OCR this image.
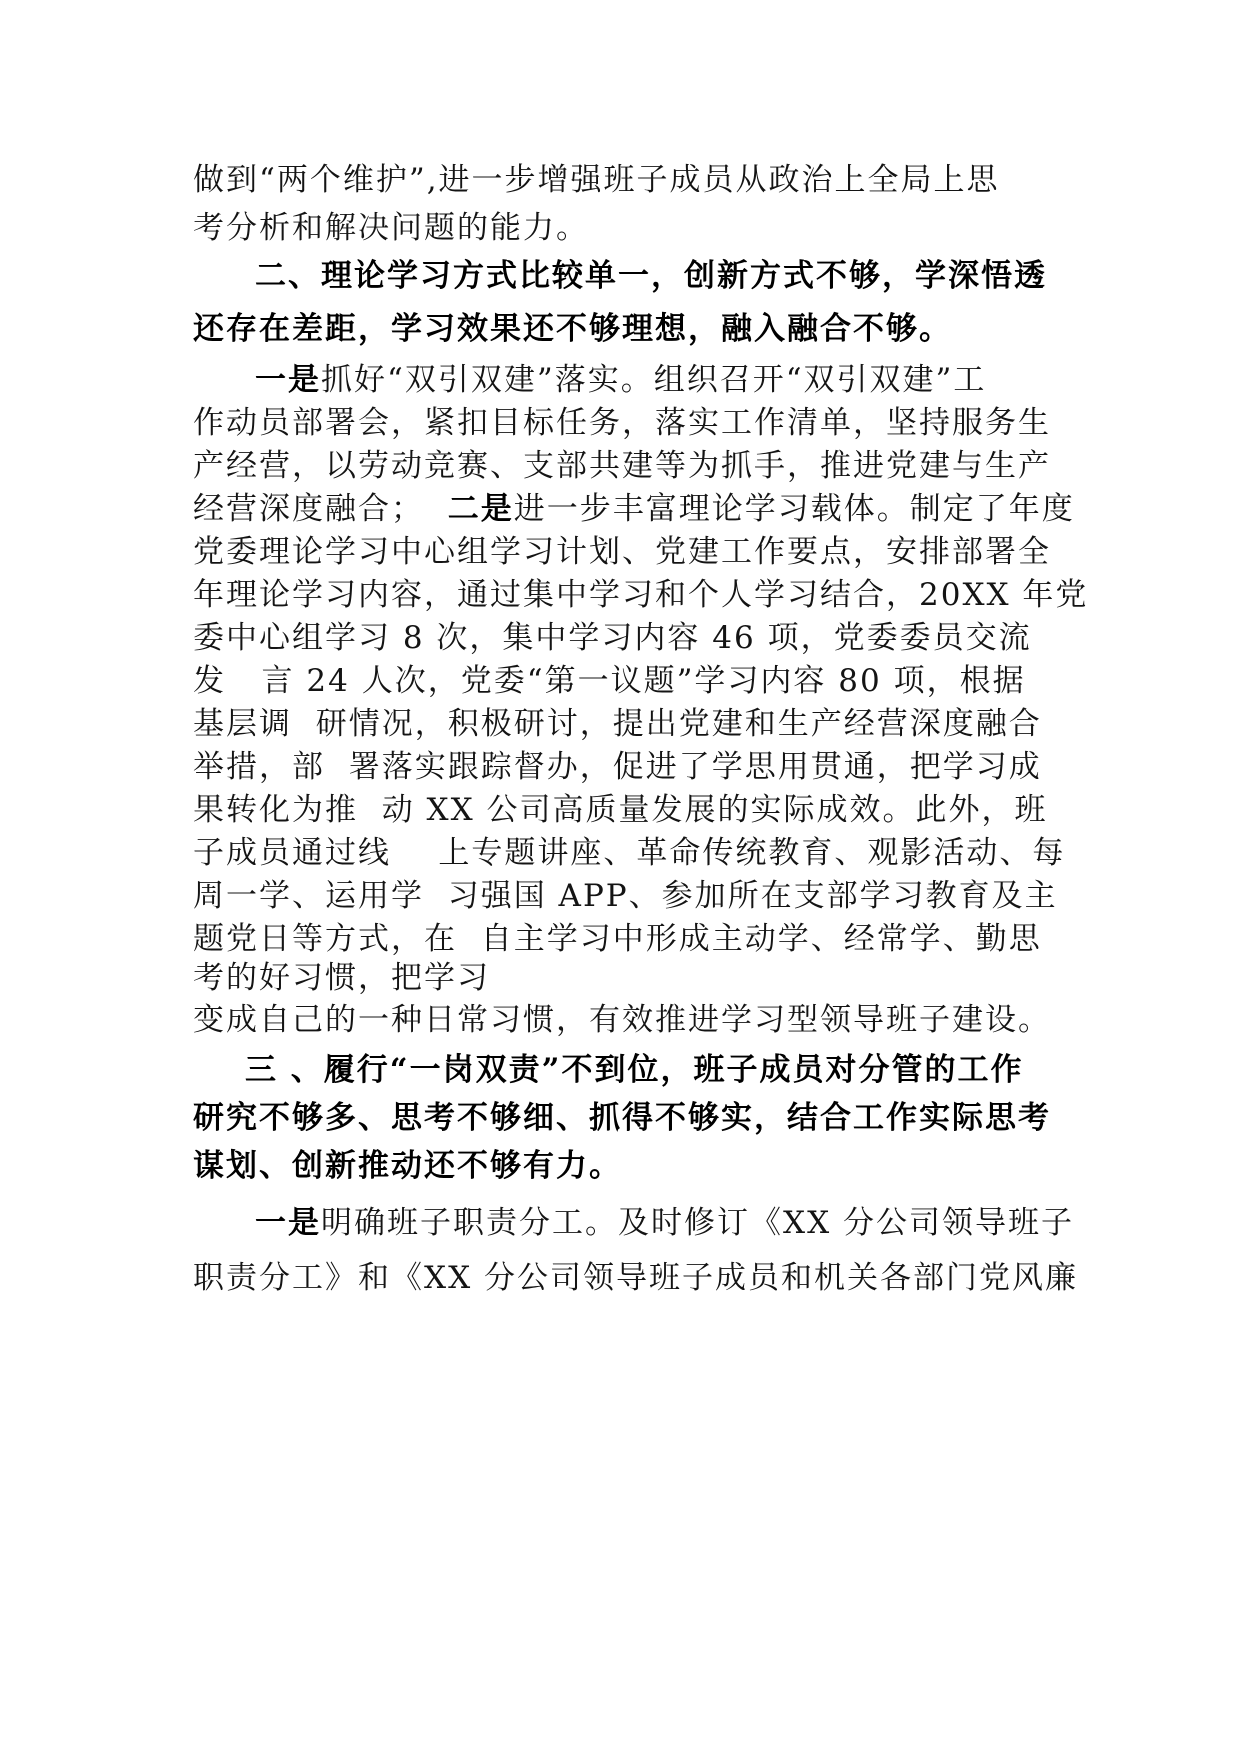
做到“两个维护”,进一步增强班子成员从政治上全局上思
考分析和解决问题的能力。
二、理论学习方式比较单一，创新方式不够，学深悟透
还存在差距，学习效果还不够理想，融入融合不够。
一是抓好“双引双建”落实。组织召开“双引双建”工
作动员部署会，紧扣目标任务，落实工作清单，坚持服务生
产经营，以劳动竞赛、支部共建等为抓手，推进党建与生产
经营深度融合；  二是进一步丰富理论学习载体。制定了年度
党委理论学习中心组学习计划、党建工作要点，安排部署全
年理论学习内容，通过集中学习和个人学习结合，20XX 年党
委中心组学习 8 次，集中学习内容 46 项，党委委员交流
发   言 24 人次，党委“第一议题”学习内容 80 项，根据
基层调  研情况，积极研讨，提出党建和生产经营深度融合
举措，部  署落实跟踪督办，促进了学思用贯通，把学习成
果转化为推  动 XX 公司高质量发展的实际成效。此外，班
子成员通过线    上专题讲座、革命传统教育、观影活动、每
周一学、运用学  习强国 APP、参加所在支部学习教育及主
题党日等方式，在  自主学习中形成主动学、经常学、勤思
考的好习惯，把学习
变成自己的一种日常习惯，有效推进学习型领导班子建设。
三 、履行“一岗双责”不到位，班子成员对分管的工作
研究不够多、思考不够细、抓得不够实，结合工作实际思考
谋划、创新推动还不够有力。
一是明确班子职责分工。及时修订《XX 分公司领导班子
职责分工》和《XX 分公司领导班子成员和机关各部门党风廉
